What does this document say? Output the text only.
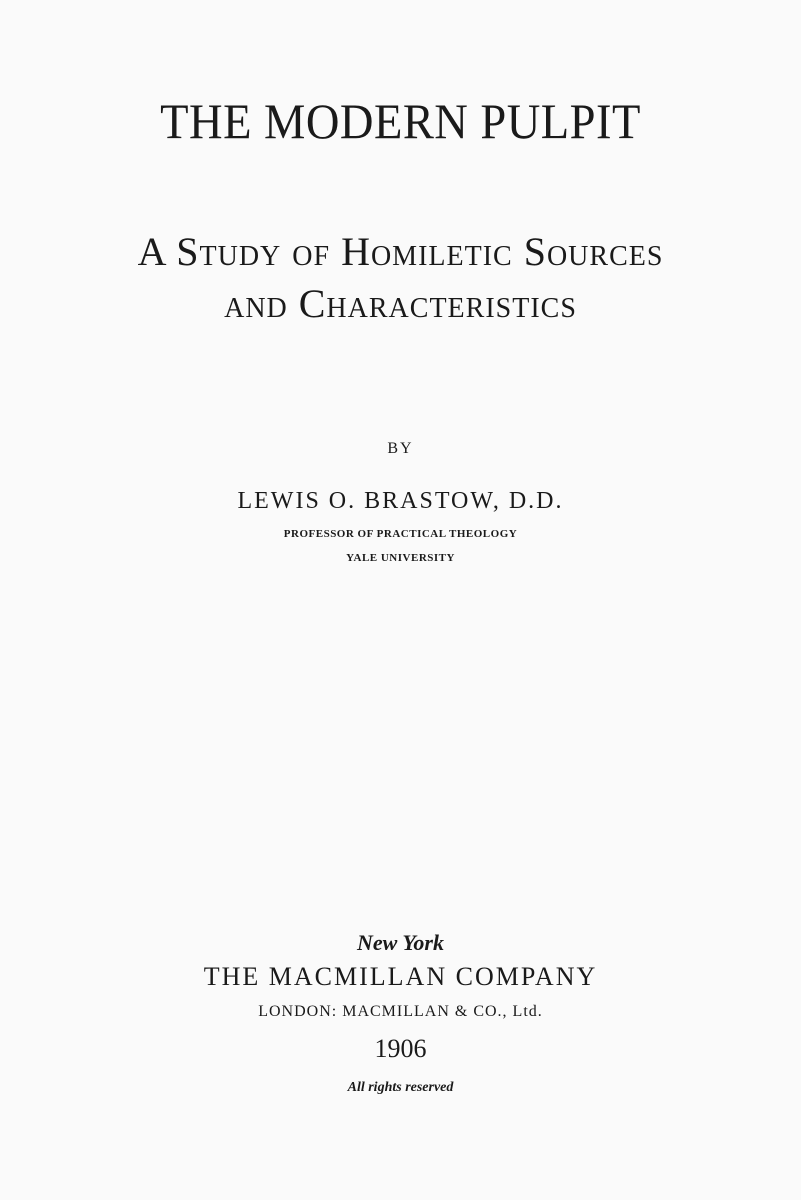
THE MODERN PULPIT
A Study of Homiletic Sources
and Characteristics
BY
LEWIS O. BRASTOW, D.D.
PROFESSOR OF PRACTICAL THEOLOGY
YALE UNIVERSITY
New York
THE MACMILLAN COMPANY
LONDON: MACMILLAN & CO., Ltd.
1906
All rights reserved
